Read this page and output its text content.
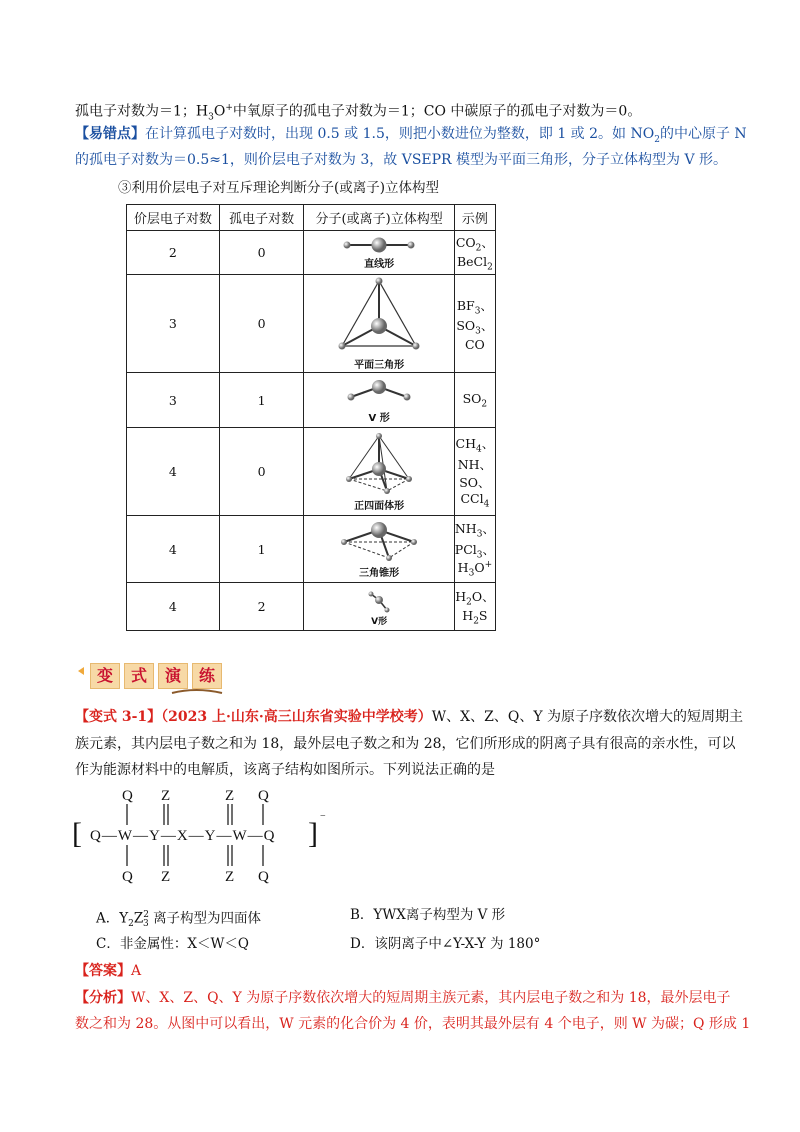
孤电子对数为＝1；$H_3O^+$中氧原子的孤电子对数为＝1；CO 中碳原子的孤电子对数为＝0。
【易错点】在计算孤电子对数时，出现 0.5 或 1.5，则把小数进位为整数，即 1 或 2。如 $NO_2$的中心原子 N
的孤电子对数为＝0.5≈1，则价层电子对数为 3，故 VSEPR 模型为平面三角形，分子立体构型为 V 形。
③利用价层电子对互斥理论判断分子(或离子)立体构型
价层电子对数	孤电子对数	分子(或离子)立体构型	示例
2	0	直线形	$CO_2$、BeCl$_2$
3	0	平面三角形	$BF_3$、$SO_3$、CO
3	1	V 形	$SO_2$
4	0	正四面体形	$CH_4$、NH、SO、CCl$_4$
4	1	三角锥形	$NH_3$、PCl$_3$、$H_3O^+$
4	2	V形	$H_2O$、$H_2S$
变	式	演	练
【变式 3-1】（2023 上·山东·高三山东省实验中学校考）W、X、Z、Q、Y 为原子序数依次增大的短周期主
族元素，其内层电子数之和为 18，最外层电子数之和为 28，它们所形成的阴离子具有很高的亲水性，可以
作为能源材料中的电解质，该离子结构如图所示。下列说法正确的是
[	]
−
Q—W—Y—X—Y—W—Q
Q Z	Z Q
Q Z	Z Q
A．$Y_2Z^2_3$ 离子构型为四面体	B．YWX离子构型为 V 形
C．非金属性：X＜W＜Q	D．该阴离子中∠Y-X-Y 为 180°
【答案】A
【分析】W、X、Z、Q、Y 为原子序数依次增大的短周期主族元素，其内层电子数之和为 18，最外层电子
数之和为 28。从图中可以看出，W 元素的化合价为 4 价，表明其最外层有 4 个电子，则 W 为碳；Q 形成 1
